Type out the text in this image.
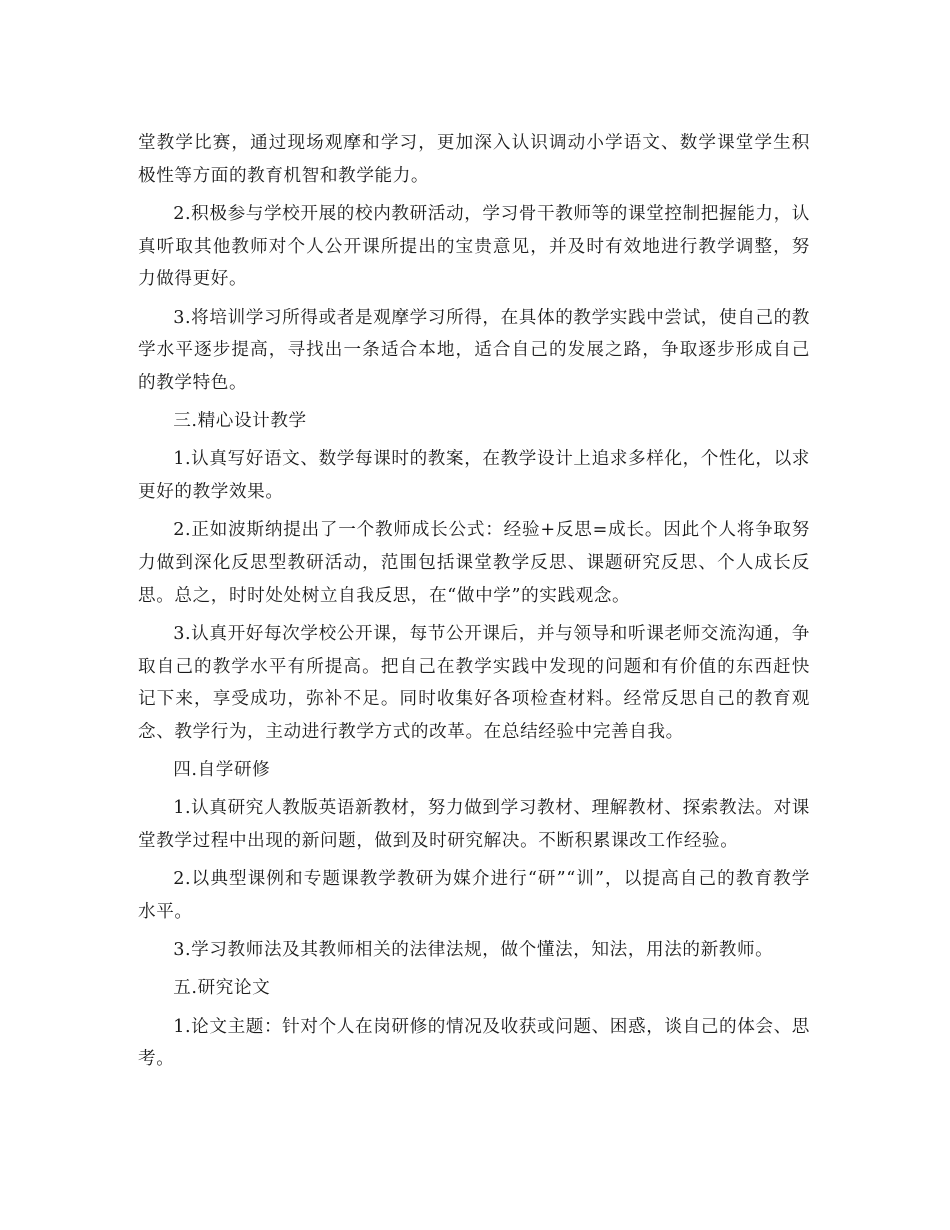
堂教学比赛，通过现场观摩和学习，更加深入认识调动小学语文、数学课堂学生积极性等方面的教育机智和教学能力。

2.积极参与学校开展的校内教研活动，学习骨干教师等的课堂控制把握能力，认真听取其他教师对个人公开课所提出的宝贵意见，并及时有效地进行教学调整，努力做得更好。

3.将培训学习所得或者是观摩学习所得，在具体的教学实践中尝试，使自己的教学水平逐步提高，寻找出一条适合本地，适合自己的发展之路，争取逐步形成自己的教学特色。

三.精心设计教学

1.认真写好语文、数学每课时的教案，在教学设计上追求多样化，个性化，以求更好的教学效果。

2.正如波斯纳提出了一个教师成长公式：经验+反思=成长。因此个人将争取努力做到深化反思型教研活动，范围包括课堂教学反思、课题研究反思、个人成长反思。总之，时时处处树立自我反思，在“做中学”的实践观念。

3.认真开好每次学校公开课，每节公开课后，并与领导和听课老师交流沟通，争取自己的教学水平有所提高。把自己在教学实践中发现的问题和有价值的东西赶快记下来，享受成功，弥补不足。同时收集好各项检查材料。经常反思自己的教育观念、教学行为，主动进行教学方式的改革。在总结经验中完善自我。

四.自学研修

1.认真研究人教版英语新教材，努力做到学习教材、理解教材、探索教法。对课堂教学过程中出现的新问题，做到及时研究解决。不断积累课改工作经验。

2.以典型课例和专题课教学教研为媒介进行“研”“训”，以提高自己的教育教学水平。

3.学习教师法及其教师相关的法律法规，做个懂法，知法，用法的新教师。

五.研究论文

1.论文主题：针对个人在岗研修的情况及收获或问题、困惑，谈自己的体会、思考。
